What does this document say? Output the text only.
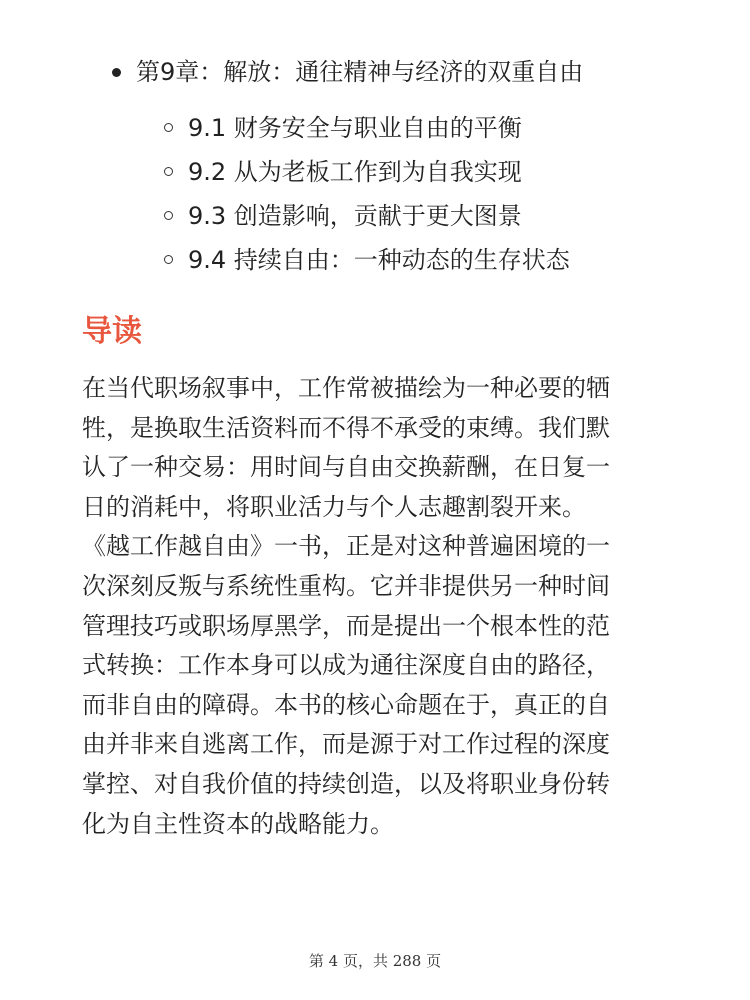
第9章：解放：通往精神与经济的双重自由
9.1 财务安全与职业自由的平衡
9.2 从为老板工作到为自我实现
9.3 创造影响，贡献于更大图景
9.4 持续自由：一种动态的生存状态
导读

在当代职场叙事中，工作常被描绘为一种必要的牺
牲，是换取生活资料而不得不承受的束缚。我们默
认了一种交易：用时间与自由交换薪酬，在日复一
日的消耗中，将职业活力与个人志趣割裂开来。
《越工作越自由》一书，正是对这种普遍困境的一
次深刻反叛与系统性重构。它并非提供另一种时间
管理技巧或职场厚黑学，而是提出一个根本性的范
式转换：工作本身可以成为通往深度自由的路径，
而非自由的障碍。本书的核心命题在于，真正的自
由并非来自逃离工作，而是源于对工作过程的深度
掌控、对自我价值的持续创造，以及将职业身份转
化为自主性资本的战略能力。

第 4 页，共 288 页
